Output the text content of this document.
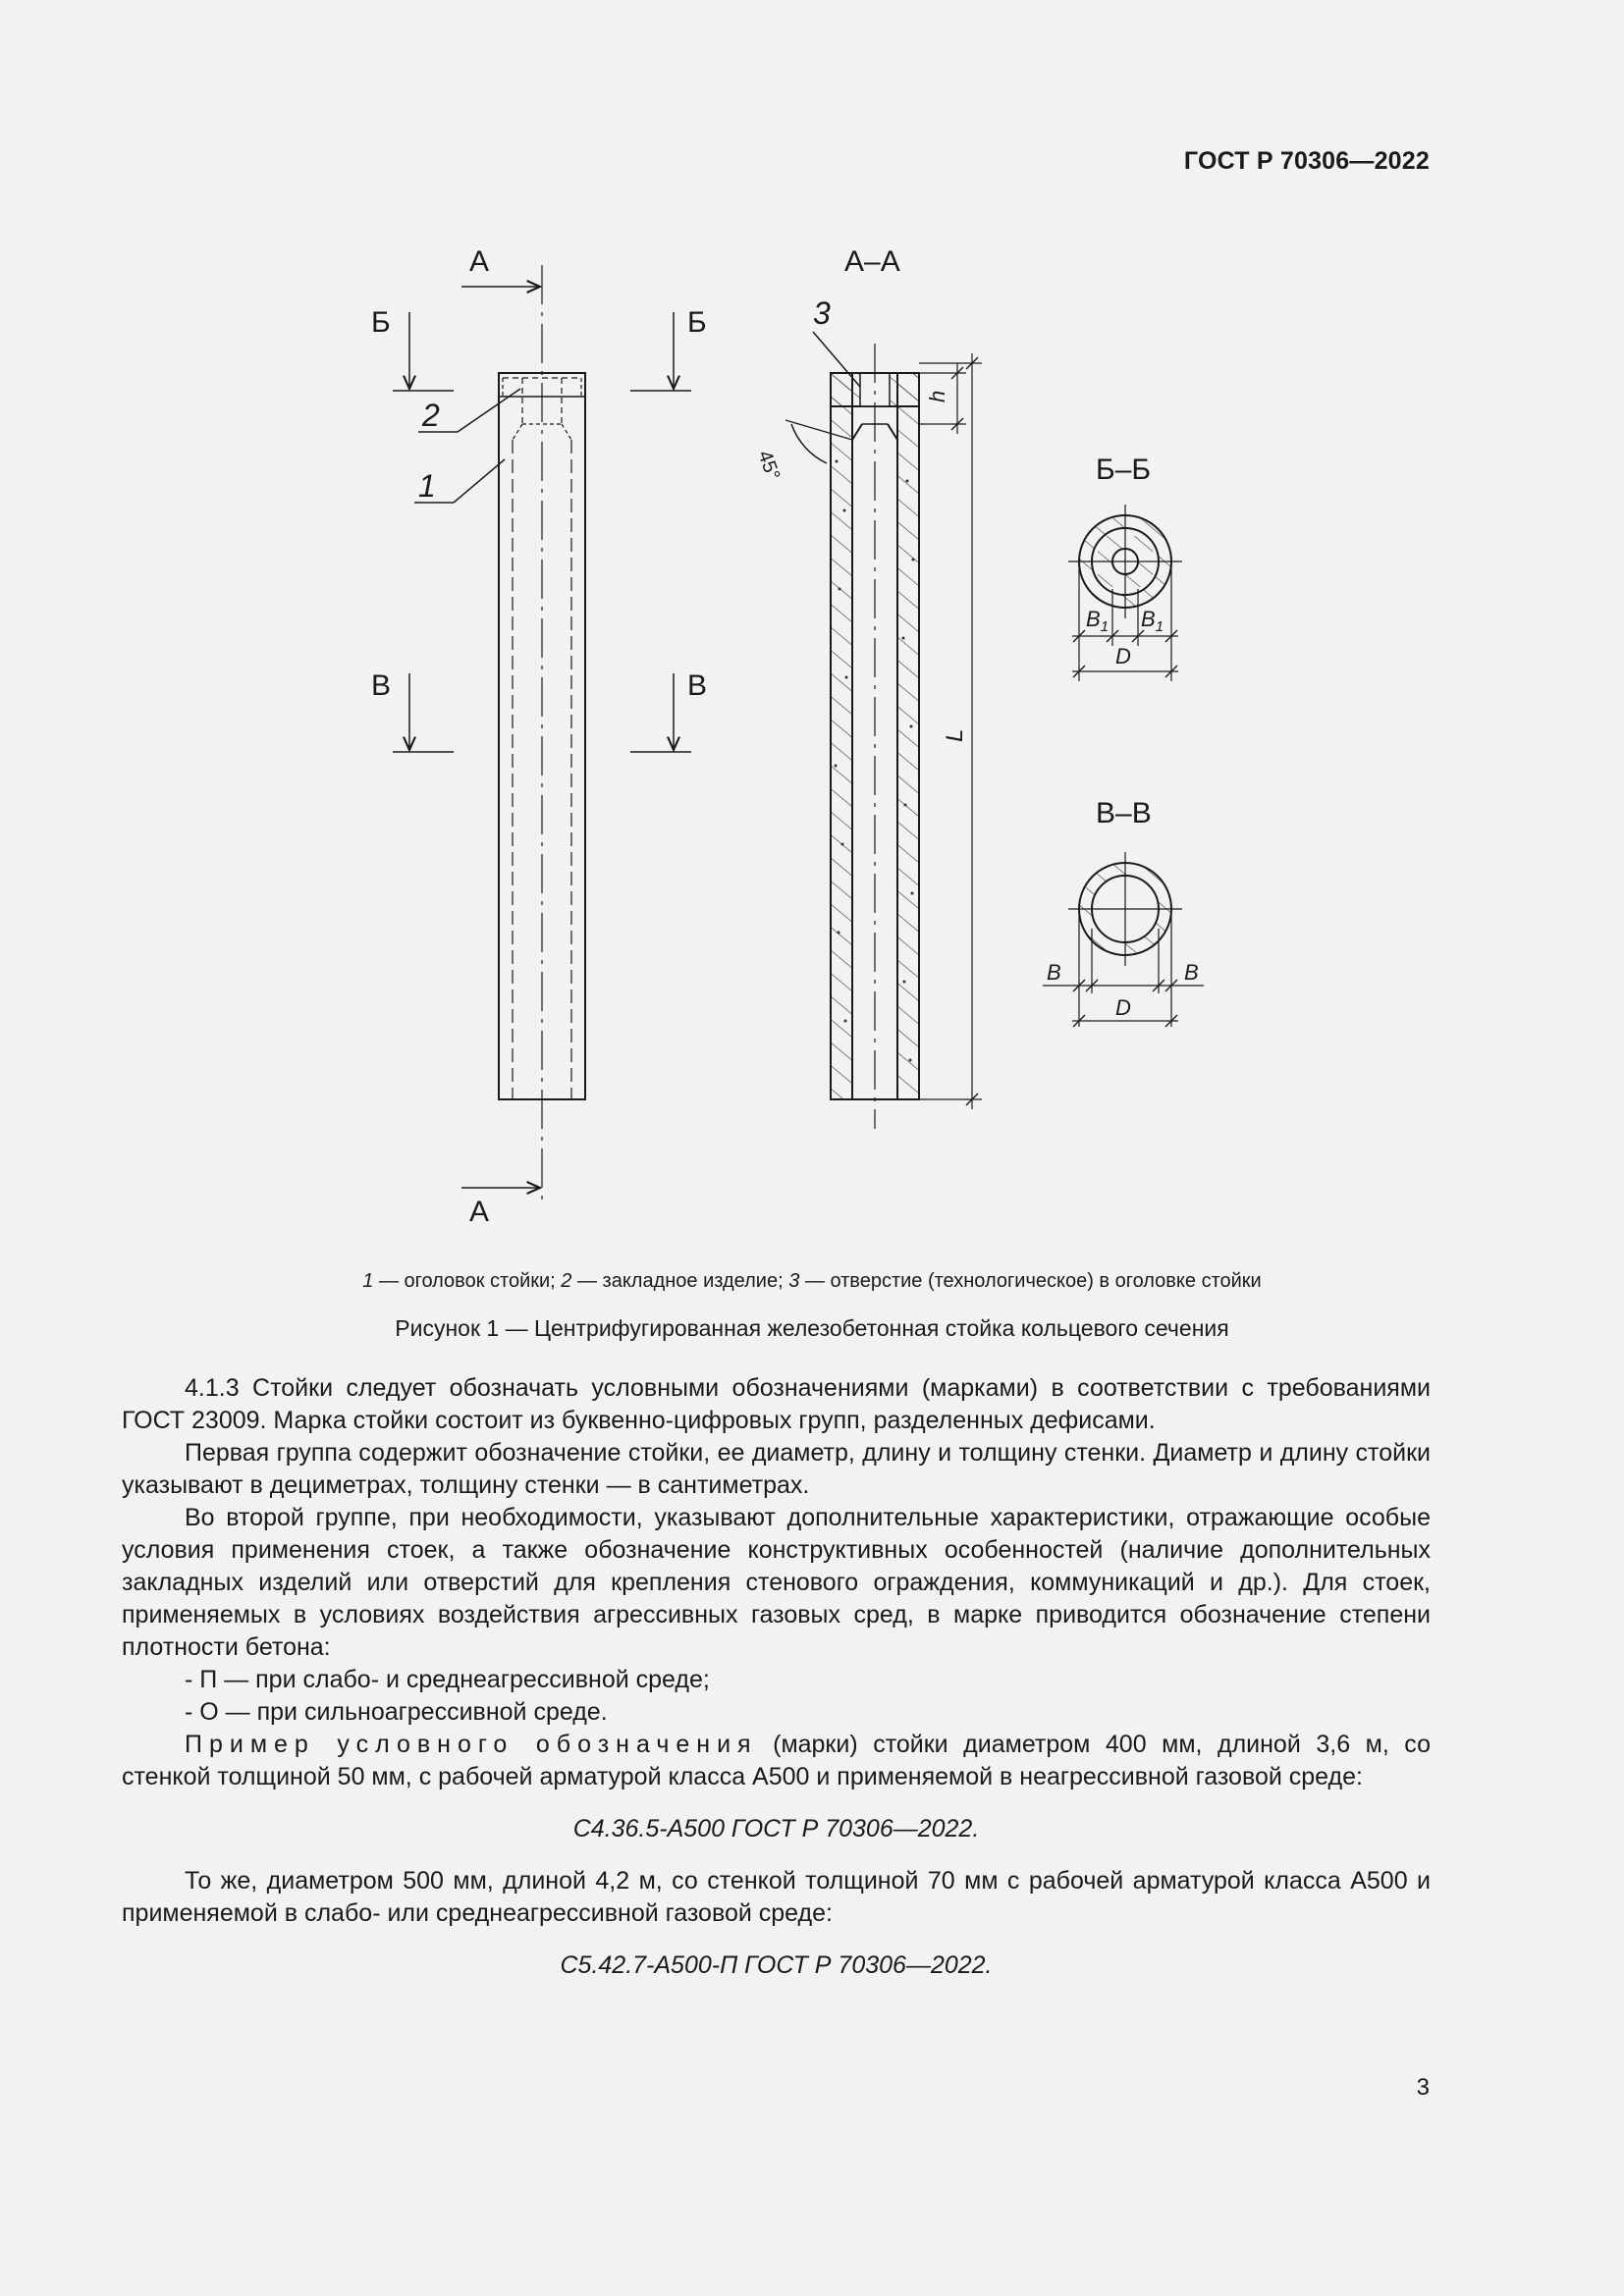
ГОСТ Р 70306—2022
А
А
Б	Б
В	В
2
1
А–А
3
h
L
45°	Б–Б
$B_1$ $B_1$
D
В–В
B	B
D
1 — оголовок стойки; 2 — закладное изделие; 3 — отверстие (технологическое) в оголовке стойки
Рисунок 1 — Центрифугированная железобетонная стойка кольцевого сечения

4.1.3 Стойки следует обозначать условными обозначениями (марками) в соответствии с требованиями ГОСТ 23009. Марка стойки состоит из буквенно-цифровых групп, разделенных дефисами.

Первая группа содержит обозначение стойки, ее диаметр, длину и толщину стенки. Диаметр и длину стойки указывают в дециметрах, толщину стенки — в сантиметрах.

Во второй группе, при необходимости, указывают дополнительные характеристики, отражающие особые условия применения стоек, а также обозначение конструктивных особенностей (наличие дополнительных закладных изделий или отверстий для крепления стенового ограждения, коммуникаций и др.). Для стоек, применяемых в условиях воздействия агрессивных газовых сред, в марке приводится обозначение степени плотности бетона:

- П — при слабо- и среднеагрессивной среде;

- О — при сильноагрессивной среде.

Пример условного обозначения (марки) стойки диаметром 400 мм, длиной 3,6 м, со стенкой толщиной 50 мм, с рабочей арматурой класса А500 и применяемой в неагрессивной газовой среде:

С4.36.5-А500 ГОСТ Р 70306—2022.

То же, диаметром 500 мм, длиной 4,2 м, со стенкой толщиной 70 мм с рабочей арматурой класса А500 и применяемой в слабо- или среднеагрессивной газовой среде:

С5.42.7-А500-П ГОСТ Р 70306—2022.

3
